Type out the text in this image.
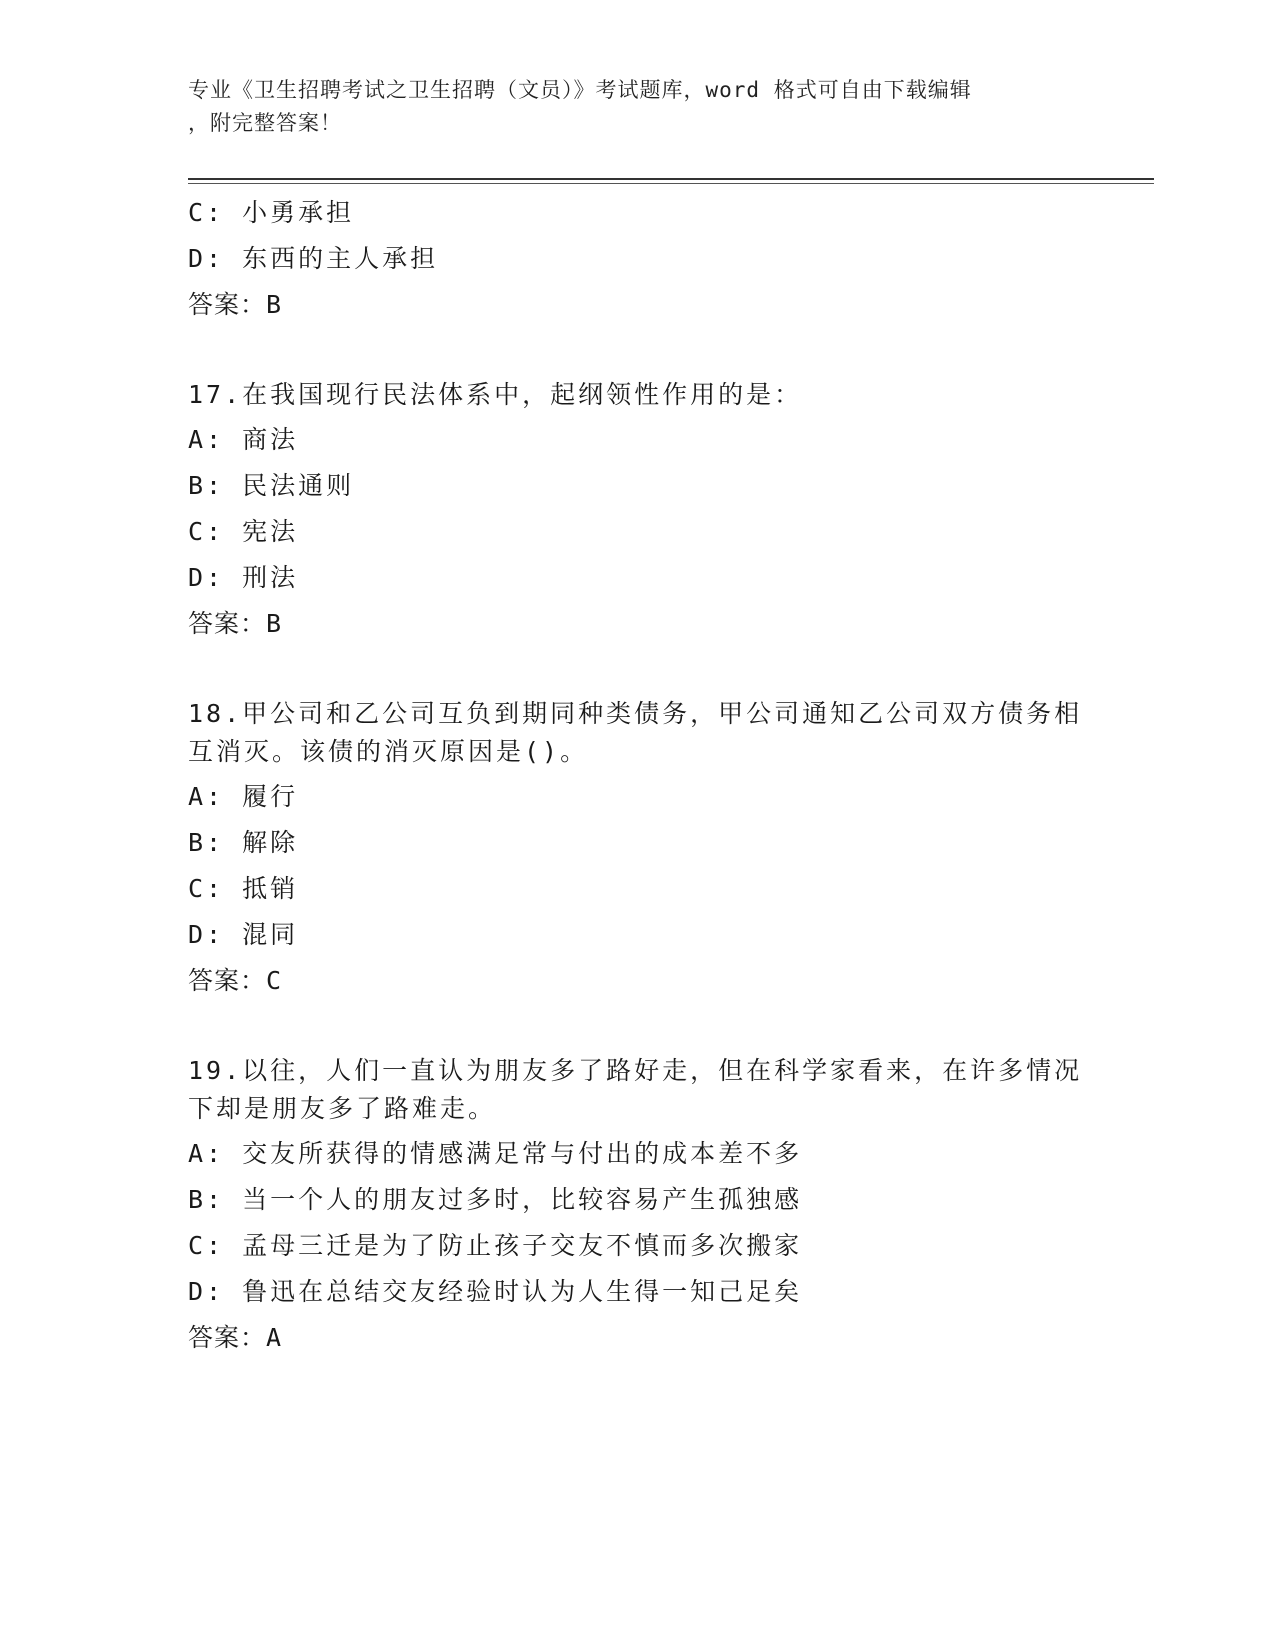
专业《卫生招聘考试之卫生招聘（文员）》考试题库，word 格式可自由下载编辑
，附完整答案！
C: 小勇承担
D: 东西的主人承担
答案：B
17.在我国现行民法体系中，起纲领性作用的是：
A: 商法
B: 民法通则
C: 宪法
D: 刑法
答案：B
18.甲公司和乙公司互负到期同种类债务，甲公司通知乙公司双方债务相互消灭。该债的消灭原因是()。
A: 履行
B: 解除
C: 抵销
D: 混同
答案：C
19.以往，人们一直认为朋友多了路好走，但在科学家看来，在许多情况下却是朋友多了路难走。
A: 交友所获得的情感满足常与付出的成本差不多
B: 当一个人的朋友过多时，比较容易产生孤独感
C: 孟母三迁是为了防止孩子交友不慎而多次搬家
D: 鲁迅在总结交友经验时认为人生得一知己足矣
答案：A
